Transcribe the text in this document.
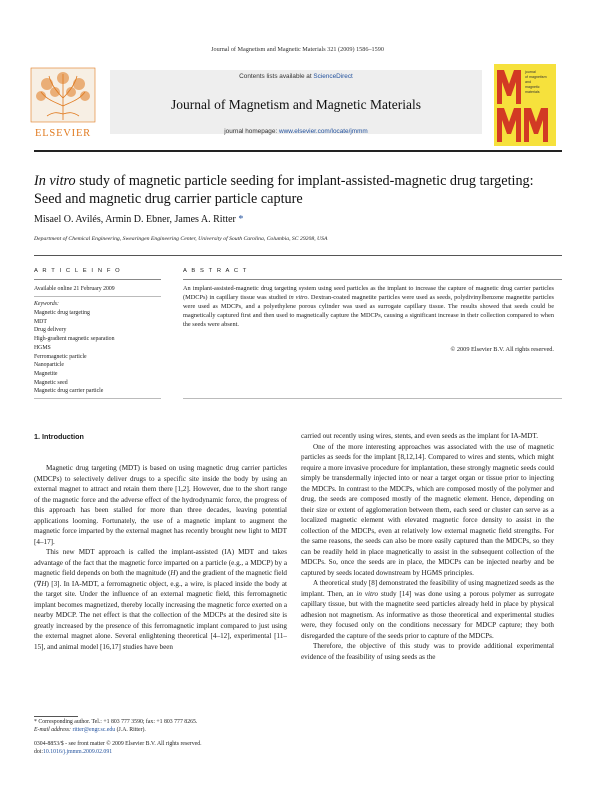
Journal of Magnetism and Magnetic Materials 321 (2009) 1586–1590
ELSEVIER
Contents lists available at ScienceDirect
Journal of Magnetism and Magnetic Materials
journal homepage: www.elsevier.com/locate/jmmm
journal
of magnetism
and
magnetic
materials
In vitro study of magnetic particle seeding for implant-assisted-magnetic drug targeting: Seed and magnetic drug carrier particle capture
Misael O. Avilés, Armin D. Ebner, James A. Ritter *
Department of Chemical Engineering, Swearingen Engineering Center, University of South Carolina, Columbia, SC 29208, USA
A R T I C L E I N F O
Available online 21 February 2009
Keywords:
Magnetic drug targeting
MDT
Drug delivery
High-gradient magnetic separation
HGMS
Ferromagnetic particle
Nanoparticle
Magnetite
Magnetic seed
Magnetic drug carrier particle
A B S T R A C T
An implant-assisted-magnetic drug targeting system using seed particles as the implant to increase the capture of magnetic drug carrier particles (MDCPs) in capillary tissue was studied in vitro. Dextran-coated magnetite particles were used as seeds, polydivinylbenzene magnetite particles were used as MDCPs, and a polyethylene porous cylinder was used as surrogate capillary tissue. The results showed that seeds could be magnetically captured first and then used to magnetically capture the MDCPs, causing a significant increase in their collection compared to when the seeds were absent.
© 2009 Elsevier B.V. All rights reserved.
1. Introduction

Magnetic drug targeting (MDT) is based on using magnetic drug carrier particles (MDCPs) to selectively deliver drugs to a specific site inside the body by using an external magnet to attract and retain them there [1,2]. However, due to the short range of the magnetic force and the adverse effect of the hydrodynamic force, the progress of this approach has been stalled for more than three decades, leaving potential applications looming. Fortunately, the use of a magnetic implant to augment the magnetic force imparted by the external magnet has recently brought new light to MDT [4–17].

This new MDT approach is called the implant-assisted (IA) MDT and takes advantage of the fact that the magnetic force imparted on a particle (e.g., a MDCP) by a magnetic field depends on both the magnitude (H) and the gradient of the magnetic field (∇H) [3]. In IA-MDT, a ferromagnetic object, e.g., a wire, is placed inside the body at the target site. Under the influence of an external magnetic field, this ferromagnetic implant becomes magnetized, thereby locally increasing the magnetic force exerted on a nearby MDCP. The net effect is that the collection of the MDCPs at the desired site is greatly increased by the presence of this ferromagnetic implant compared to just using the external magnet alone. Several enlightening theoretical [4–12], experimental [11–15], and animal model [16,17] studies have been

carried out recently using wires, stents, and even seeds as the implant for IA-MDT.

One of the more interesting approaches was associated with the use of magnetic particles as seeds for the implant [8,12,14]. Compared to wires and stents, which might require a more invasive procedure for implantation, these strongly magnetic seeds could simply be transdermally injected into or near a target organ or tissue prior to injecting the MDCPs. In contrast to the MDCPs, which are composed mostly of the polymer and drug, the seeds are composed mostly of the magnetic element. Hence, depending on their size or extent of agglomeration between them, each seed or cluster can serve as a localized magnetic element with elevated magnetic force density to assist in the collection of the MDCPs, even at relatively low external magnetic field strengths. For the same reasons, the seeds can also be more easily captured than the MDCPs, so they can be readily held in place magnetically to assist in the subsequent collection of the MDCPs. So, once the seeds are in place, the MDCPs can be injected nearby and be captured by seeds located downstream by HGMS principles.

A theoretical study [8] demonstrated the feasibility of using magnetized seeds as the implant. Then, an in vitro study [14] was done using a porous polymer as surrogate capillary tissue, but with the magnetite seed particles already held in place by physical adhesion not magnetism. As informative as those theoretical and experimental studies were, they focused only on the conditions necessary for MDCP capture; they both disregarded the capture of the seeds prior to capture of the MDCPs.

Therefore, the objective of this study was to provide additional experimental evidence of the feasibility of using seeds as the

* Corresponding author. Tel.: +1 803 777 3590; fax: +1 803 777 8265.
E-mail address: ritter@engr.sc.edu (J.A. Ritter).
0304-8853/$ - see front matter © 2009 Elsevier B.V. All rights reserved.
doi:10.1016/j.jmmm.2009.02.091
